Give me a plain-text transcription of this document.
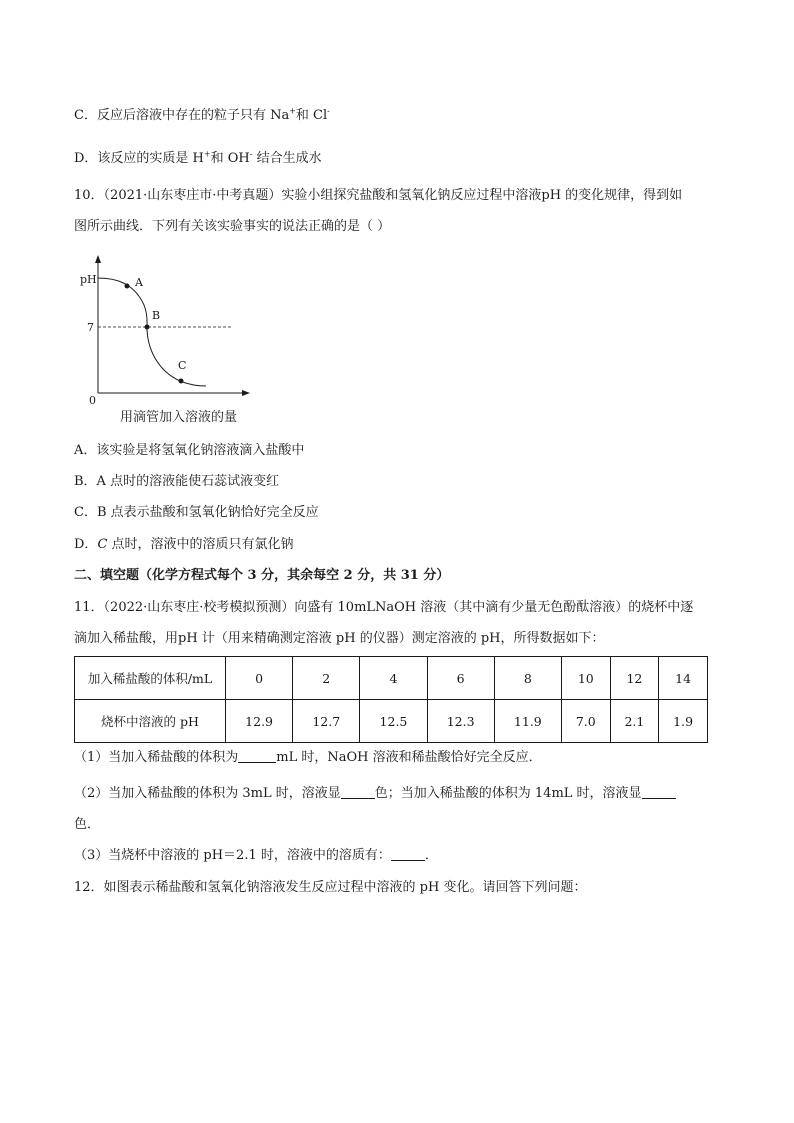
C．反应后溶液中存在的粒子只有 Na+和 Cl-
D．该反应的实质是 H+和 OH- 结合生成水
10．（2021·山东枣庄市·中考真题）实验小组探究盐酸和氢氧化钠反应过程中溶液pH 的变化规律，得到如
图所示曲线．下列有关该实验事实的说法正确的是（ ）
pH
7
0
A
B
C
用滴管加入溶液的量
A．该实验是将氢氧化钠溶液滴入盐酸中
B．A 点时的溶液能使石蕊试液变红
C．B 点表示盐酸和氢氧化钠恰好完全反应
D．C 点时，溶液中的溶质只有氯化钠
二、填空题（化学方程式每个 3 分，其余每空 2 分，共 31 分）
11．（2022·山东枣庄·校考模拟预测）向盛有 10mLNaOH 溶液（其中滴有少量无色酚酞溶液）的烧杯中逐
滴加入稀盐酸，用pH 计（用来精确测定溶液 pH 的仪器）测定溶液的 pH，所得数据如下：
加入稀盐酸的体积/mL	0	2	4	6	8	10	12	14
烧杯中溶液的 pH	12.9	12.7	12.5	12.3	11.9	7.0	2.1	1.9
（1）当加入稀盐酸的体积为	mL 时，NaOH 溶液和稀盐酸恰好完全反应．
（2）当加入稀盐酸的体积为 3mL 时，溶液显	色；当加入稀盐酸的体积为 14mL 时，溶液显
色．
（3）当烧杯中溶液的 pH＝2.1 时，溶液中的溶质有：	．
12．如图表示稀盐酸和氢氧化钠溶液发生反应过程中溶液的 pH 变化。请回答下列问题：
